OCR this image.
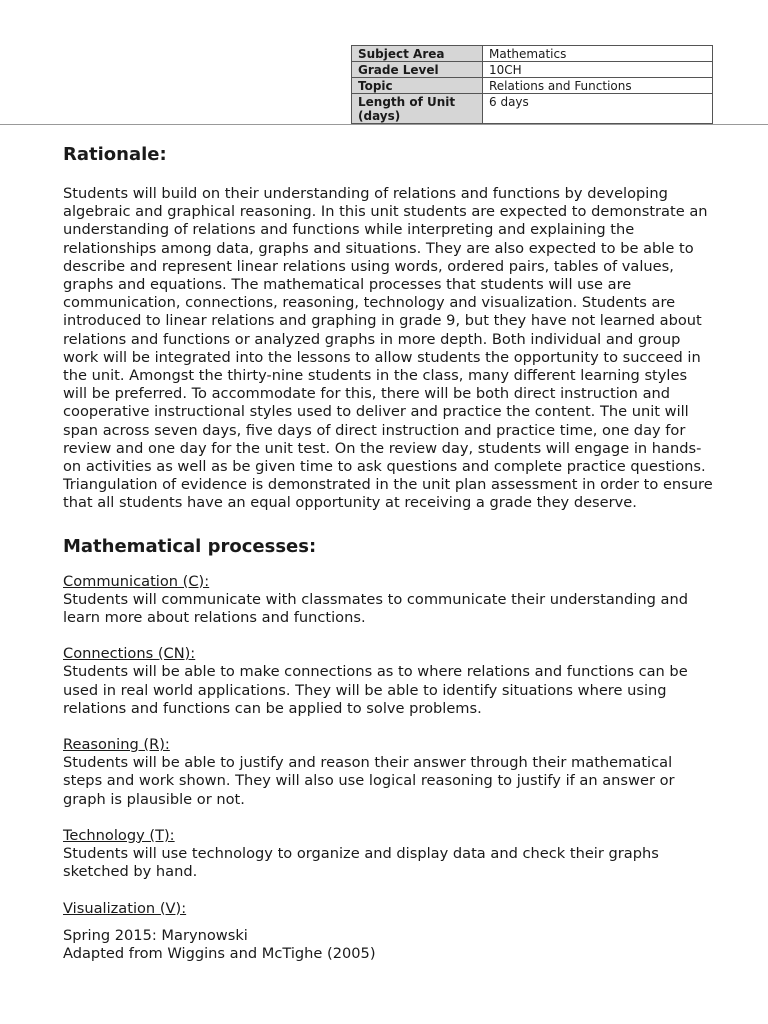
Subject Area	Mathematics
Grade Level	10CH
Topic	Relations and Functions
Length of Unit (days)	6 days
Rationale:

Students will build on their understanding of relations and functions by developing algebraic and graphical reasoning. In this unit students are expected to demonstrate an understanding of relations and functions while interpreting and explaining the relationships among data, graphs and situations. They are also expected to be able to describe and represent linear relations using words, ordered pairs, tables of values, graphs and equations. The mathematical processes that students will use are communication, connections, reasoning, technology and visualization. Students are introduced to linear relations and graphing in grade 9, but they have not learned about relations and functions or analyzed graphs in more depth. Both individual and group work will be integrated into the lessons to allow students the opportunity to succeed in the unit. Amongst the thirty-nine students in the class, many different learning styles will be preferred. To accommodate for this, there will be both direct instruction and cooperative instructional styles used to deliver and practice the content. The unit will span across seven days, five days of direct instruction and practice time, one day for review and one day for the unit test. On the review day, students will engage in hands-on activities as well as be given time to ask questions and complete practice questions. Triangulation of evidence is demonstrated in the unit plan assessment in order to ensure that all students have an equal opportunity at receiving a grade they deserve.

Mathematical processes:
Communication (C):
Students will communicate with classmates to communicate their understanding and learn more about relations and functions.
Connections (CN):
Students will be able to make connections as to where relations and functions can be used in real world applications. They will be able to identify situations where using relations and functions can be applied to solve problems.
Reasoning (R):
Students will be able to justify and reason their answer through their mathematical steps and work shown. They will also use logical reasoning to justify if an answer or graph is plausible or not.
Technology (T):
Students will use technology to organize and display data and check their graphs sketched by hand.
Visualization (V):
Spring 2015: Marynowski
Adapted from Wiggins and McTighe (2005)
